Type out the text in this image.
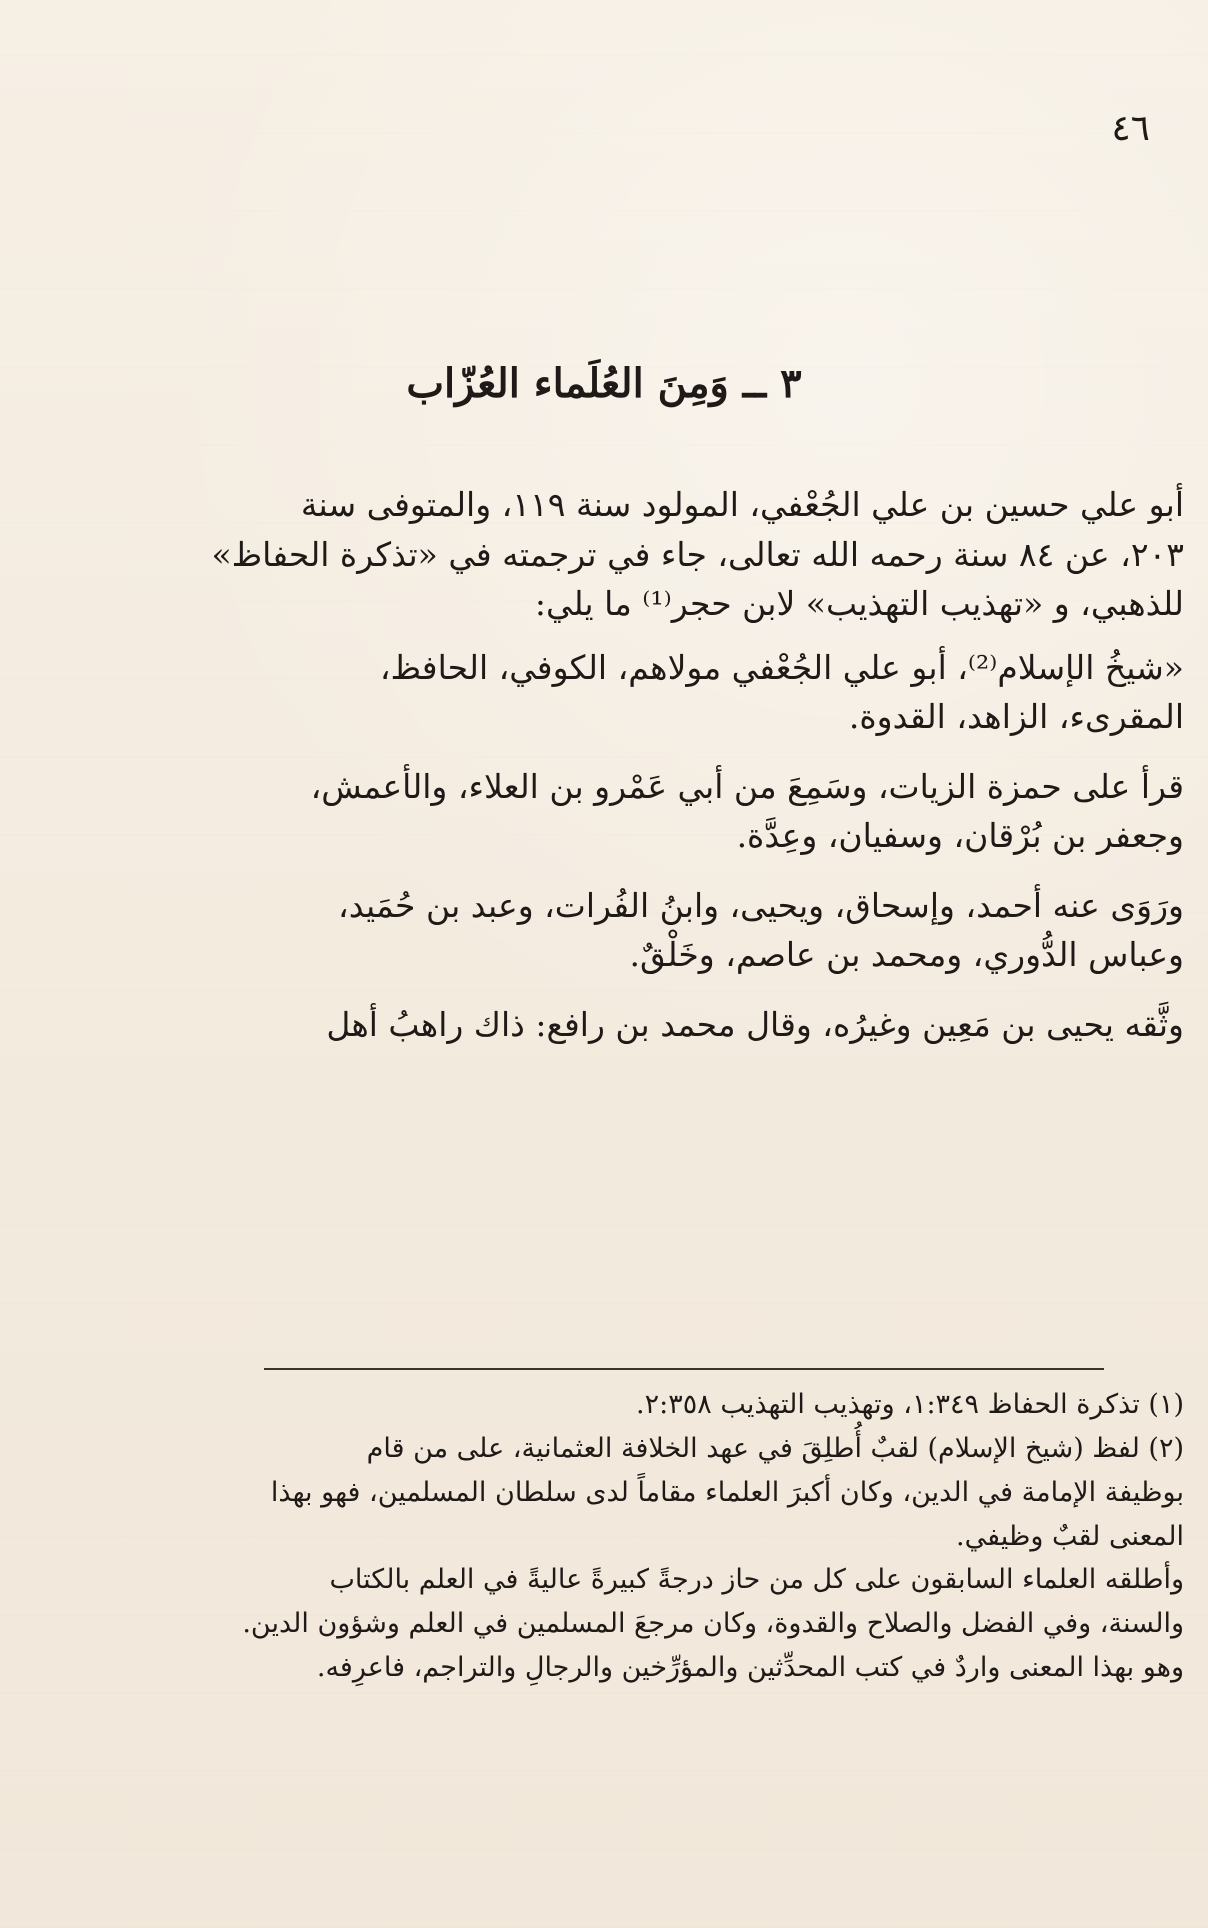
٤٦
٣ ــ وَمِنَ العُلَماء العُزّاب

أبو علي حسين بن علي الجُعْفي، المولود سنة ١١٩، والمتوفى سنة

٢٠٣، عن ٨٤ سنة رحمه الله تعالى، جاء في ترجمته في «تذكرة الحفاظ»

للذهبي، و «تهذيب التهذيب» لابن حجر⁽¹⁾ ما يلي:

«شيخُ الإسلام⁽²⁾، أبو علي الجُعْفي مولاهم، الكوفي، الحافظ،

المقرىء، الزاهد، القدوة.

قرأ على حمزة الزيات، وسَمِعَ من أبي عَمْرو بن العلاء، والأعمش،

وجعفر بن بُرْقان، وسفيان، وعِدَّة.

ورَوَى عنه أحمد، وإسحاق، ويحيى، وابنُ الفُرات، وعبد بن حُمَيد،

وعباس الدُّوري، ومحمد بن عاصم، وخَلْقٌ.

وثَّقه يحيى بن مَعِين وغيرُه، وقال محمد بن رافع: ذاك راهبُ أهل

(١) تذكرة الحفاظ ١:٣٤٩، وتهذيب التهذيب ٢:٣٥٨.

(٢) لفظ (شيخ الإسلام) لقبٌ أُطلِقَ في عهد الخلافة العثمانية، على من قام

بوظيفة الإمامة في الدين، وكان أكبرَ العلماء مقاماً لدى سلطان المسلمين، فهو بهذا

المعنى لقبٌ وظيفي.

وأطلقه العلماء السابقون على كل من حاز درجةً كبيرةً عاليةً في العلم بالكتاب

والسنة، وفي الفضل والصلاح والقدوة، وكان مرجعَ المسلمين في العلم وشؤون الدين.

وهو بهذا المعنى واردٌ في كتب المحدِّثين والمؤرِّخين والرجالِ والتراجم، فاعرِفه.
